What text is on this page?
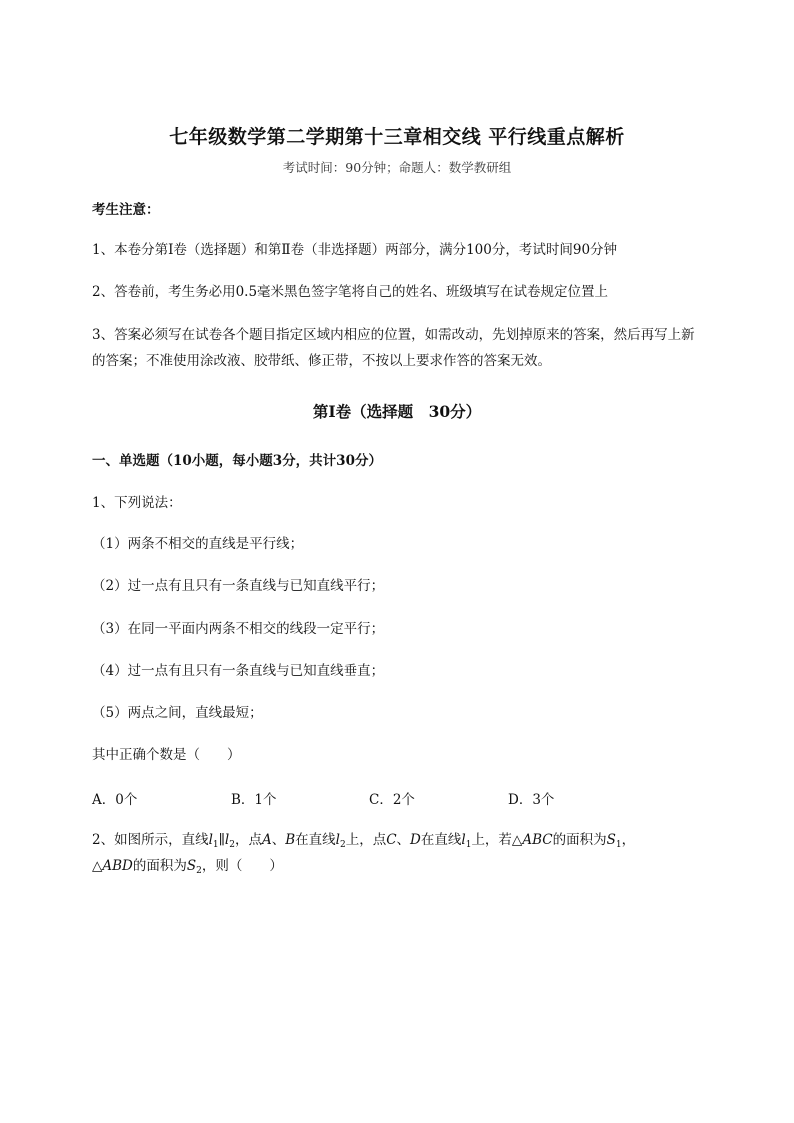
七年级数学第二学期第十三章相交线 平行线重点解析
考试时间：90分钟；命题人：数学教研组
考生注意：
1、本卷分第I卷（选择题）和第Ⅱ卷（非选择题）两部分，满分100分，考试时间90分钟
2、答卷前，考生务必用0.5毫米黑色签字笔将自己的姓名、班级填写在试卷规定位置上
3、答案必须写在试卷各个题目指定区域内相应的位置，如需改动，先划掉原来的答案，然后再写上新
的答案；不准使用涂改液、胶带纸、修正带，不按以上要求作答的答案无效。
第I卷（选择题　30分）
一、单选题（10小题，每小题3分，共计30分）
1、下列说法：
（1）两条不相交的直线是平行线；
（2）过一点有且只有一条直线与已知直线平行；
（3）在同一平面内两条不相交的线段一定平行；
（4）过一点有且只有一条直线与已知直线垂直；
（5）两点之间，直线最短；
其中正确个数是（　　）
A．0个	B．1个	C．2个	D．3个
2、如图所示，直线$l_1\parallel l_2$，点A、B在直线$l_2$上，点C、D在直线$l_1$上，若△ABC的面积为$S_1$，
△ABD的面积为$S_2$，则（　　）
